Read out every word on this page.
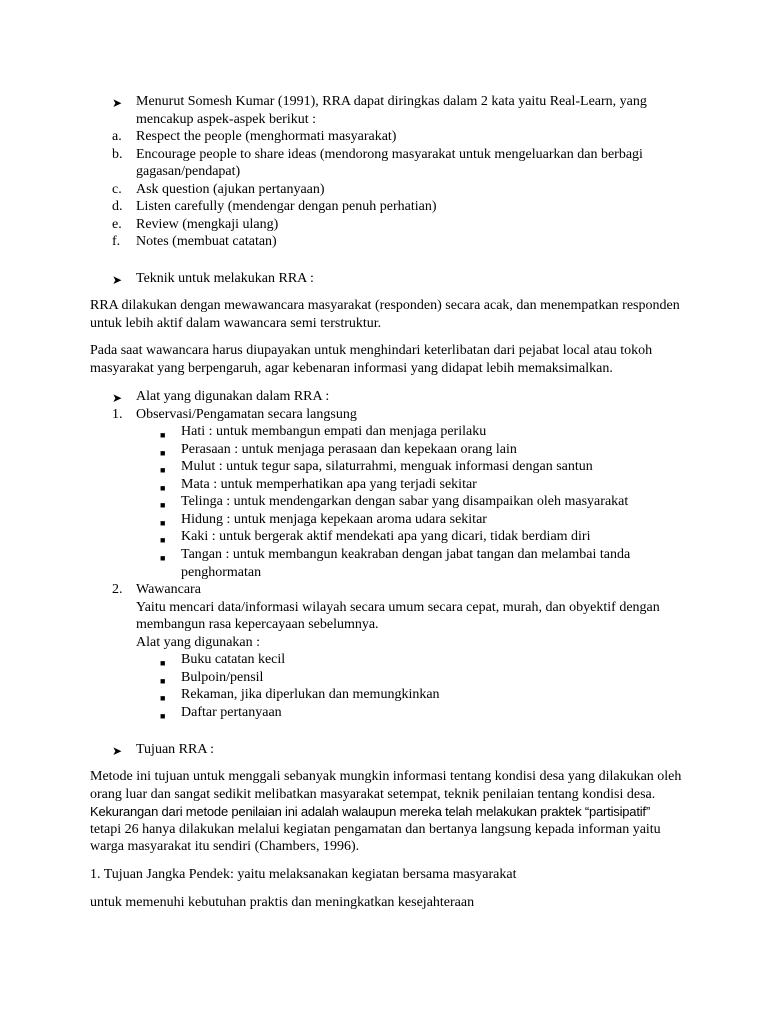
➤ Menurut Somesh Kumar (1991), RRA dapat diringkas dalam 2 kata yaitu Real-Learn, yang
mencakup aspek-aspek berikut :
a. Respect the people (menghormati masyarakat)
b. Encourage people to share ideas (mendorong masyarakat untuk mengeluarkan dan berbagi
gagasan/pendapat)
c. Ask question (ajukan pertanyaan)
d. Listen carefully (mendengar dengan penuh perhatian)
e. Review (mengkaji ulang)
f. Notes (membuat catatan)
➤ Teknik untuk melakukan RRA :
RRA dilakukan dengan mewawancara masyarakat (responden) secara acak, dan menempatkan responden
untuk lebih aktif dalam wawancara semi terstruktur.
Pada saat wawancara harus diupayakan untuk menghindari keterlibatan dari pejabat local atau tokoh
masyarakat yang berpengaruh, agar kebenaran informasi yang didapat lebih memaksimalkan.
➤ Alat yang digunakan dalam RRA :
1. Observasi/Pengamatan secara langsung
■ Hati : untuk membangun empati dan menjaga perilaku
■ Perasaan : untuk menjaga perasaan dan kepekaan orang lain
■ Mulut : untuk tegur sapa, silaturrahmi, menguak informasi dengan santun
■ Mata : untuk memperhatikan apa yang terjadi sekitar
■ Telinga : untuk mendengarkan dengan sabar yang disampaikan oleh masyarakat
■ Hidung : untuk menjaga kepekaan aroma udara sekitar
■ Kaki : untuk bergerak aktif mendekati apa yang dicari, tidak berdiam diri
■ Tangan : untuk membangun keakraban dengan jabat tangan dan melambai tanda
penghormatan
2. Wawancara
Yaitu mencari data/informasi wilayah secara umum secara cepat, murah, dan obyektif dengan
membangun rasa kepercayaan sebelumnya.
Alat yang digunakan :
■ Buku catatan kecil
■ Bulpoin/pensil
■ Rekaman, jika diperlukan dan memungkinkan
■ Daftar pertanyaan
➤ Tujuan RRA :
Metode ini tujuan untuk menggali sebanyak mungkin informasi tentang kondisi desa yang dilakukan oleh
orang luar dan sangat sedikit melibatkan masyarakat setempat, teknik penilaian tentang kondisi desa.
Kekurangan dari metode penilaian ini adalah walaupun mereka telah melakukan praktek “partisipatif”
tetapi 26 hanya dilakukan melalui kegiatan pengamatan dan bertanya langsung kepada informan yaitu
warga masyarakat itu sendiri (Chambers, 1996).
1. Tujuan Jangka Pendek: yaitu melaksanakan kegiatan bersama masyarakat
untuk memenuhi kebutuhan praktis dan meningkatkan kesejahteraan
